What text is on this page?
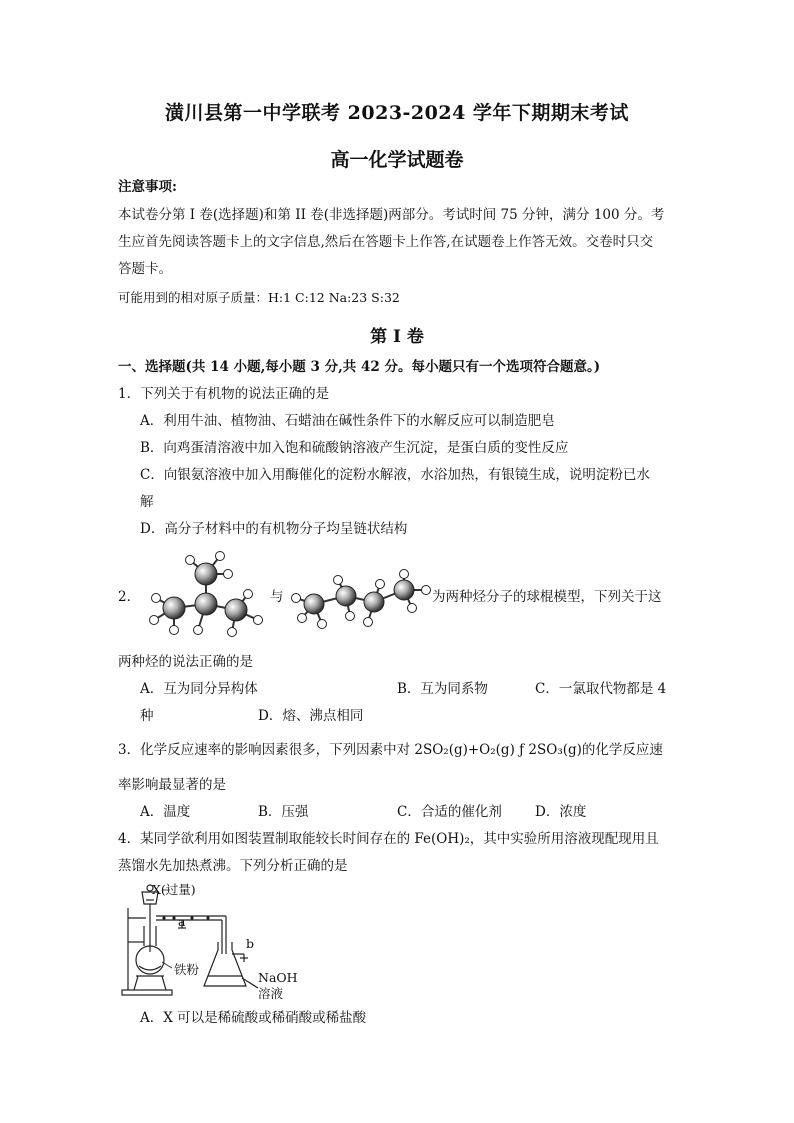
潢川县第一中学联考 2023-2024 学年下期期末考试
高一化学试题卷
注意事项:
本试卷分第 I 卷(选择题)和第 II 卷(非选择题)两部分。考试时间 75 分钟，满分 100 分。考
生应首先阅读答题卡上的文字信息,然后在答题卡上作答,在试题卷上作答无效。交卷时只交
答题卡。
可能用到的相对原子质量：H:1 C:12 Na:23 S:32
第 I 卷
一、选择题(共 14 小题,每小题 3 分,共 42 分。每小题只有一个选项符合题意。)
1．下列关于有机物的说法正确的是
A．利用牛油、植物油、石蜡油在碱性条件下的水解反应可以制造肥皂
B．向鸡蛋清溶液中加入饱和硫酸钠溶液产生沉淀，是蛋白质的变性反应
C．向银氨溶液中加入用酶催化的淀粉水解液，水浴加热，有银镜生成，说明淀粉已水
解
D．高分子材料中的有机物分子均呈链状结构
2．	与	为两种烃分子的球棍模型，下列关于这
两种烃的说法正确的是
A．互为同分异构体	B．互为同系物	C．一氯取代物都是 4
种	D．熔、沸点相同
3．化学反应速率的影响因素很多，下列因素中对 2SO₂(g)+O₂(g) ƒ 2SO₃(g)的化学反应速
率影响最显著的是
A．温度	B．压强	C．合适的催化剂 D．浓度
4．某同学欲利用如图装置制取能较长时间存在的 Fe(OH)₂，其中实验所用溶液现配现用且
蒸馏水先加热煮沸。下列分析正确的是
X(过量)
a
b
铁粉
NaOH
溶液
A．X 可以是稀硫酸或稀硝酸或稀盐酸
